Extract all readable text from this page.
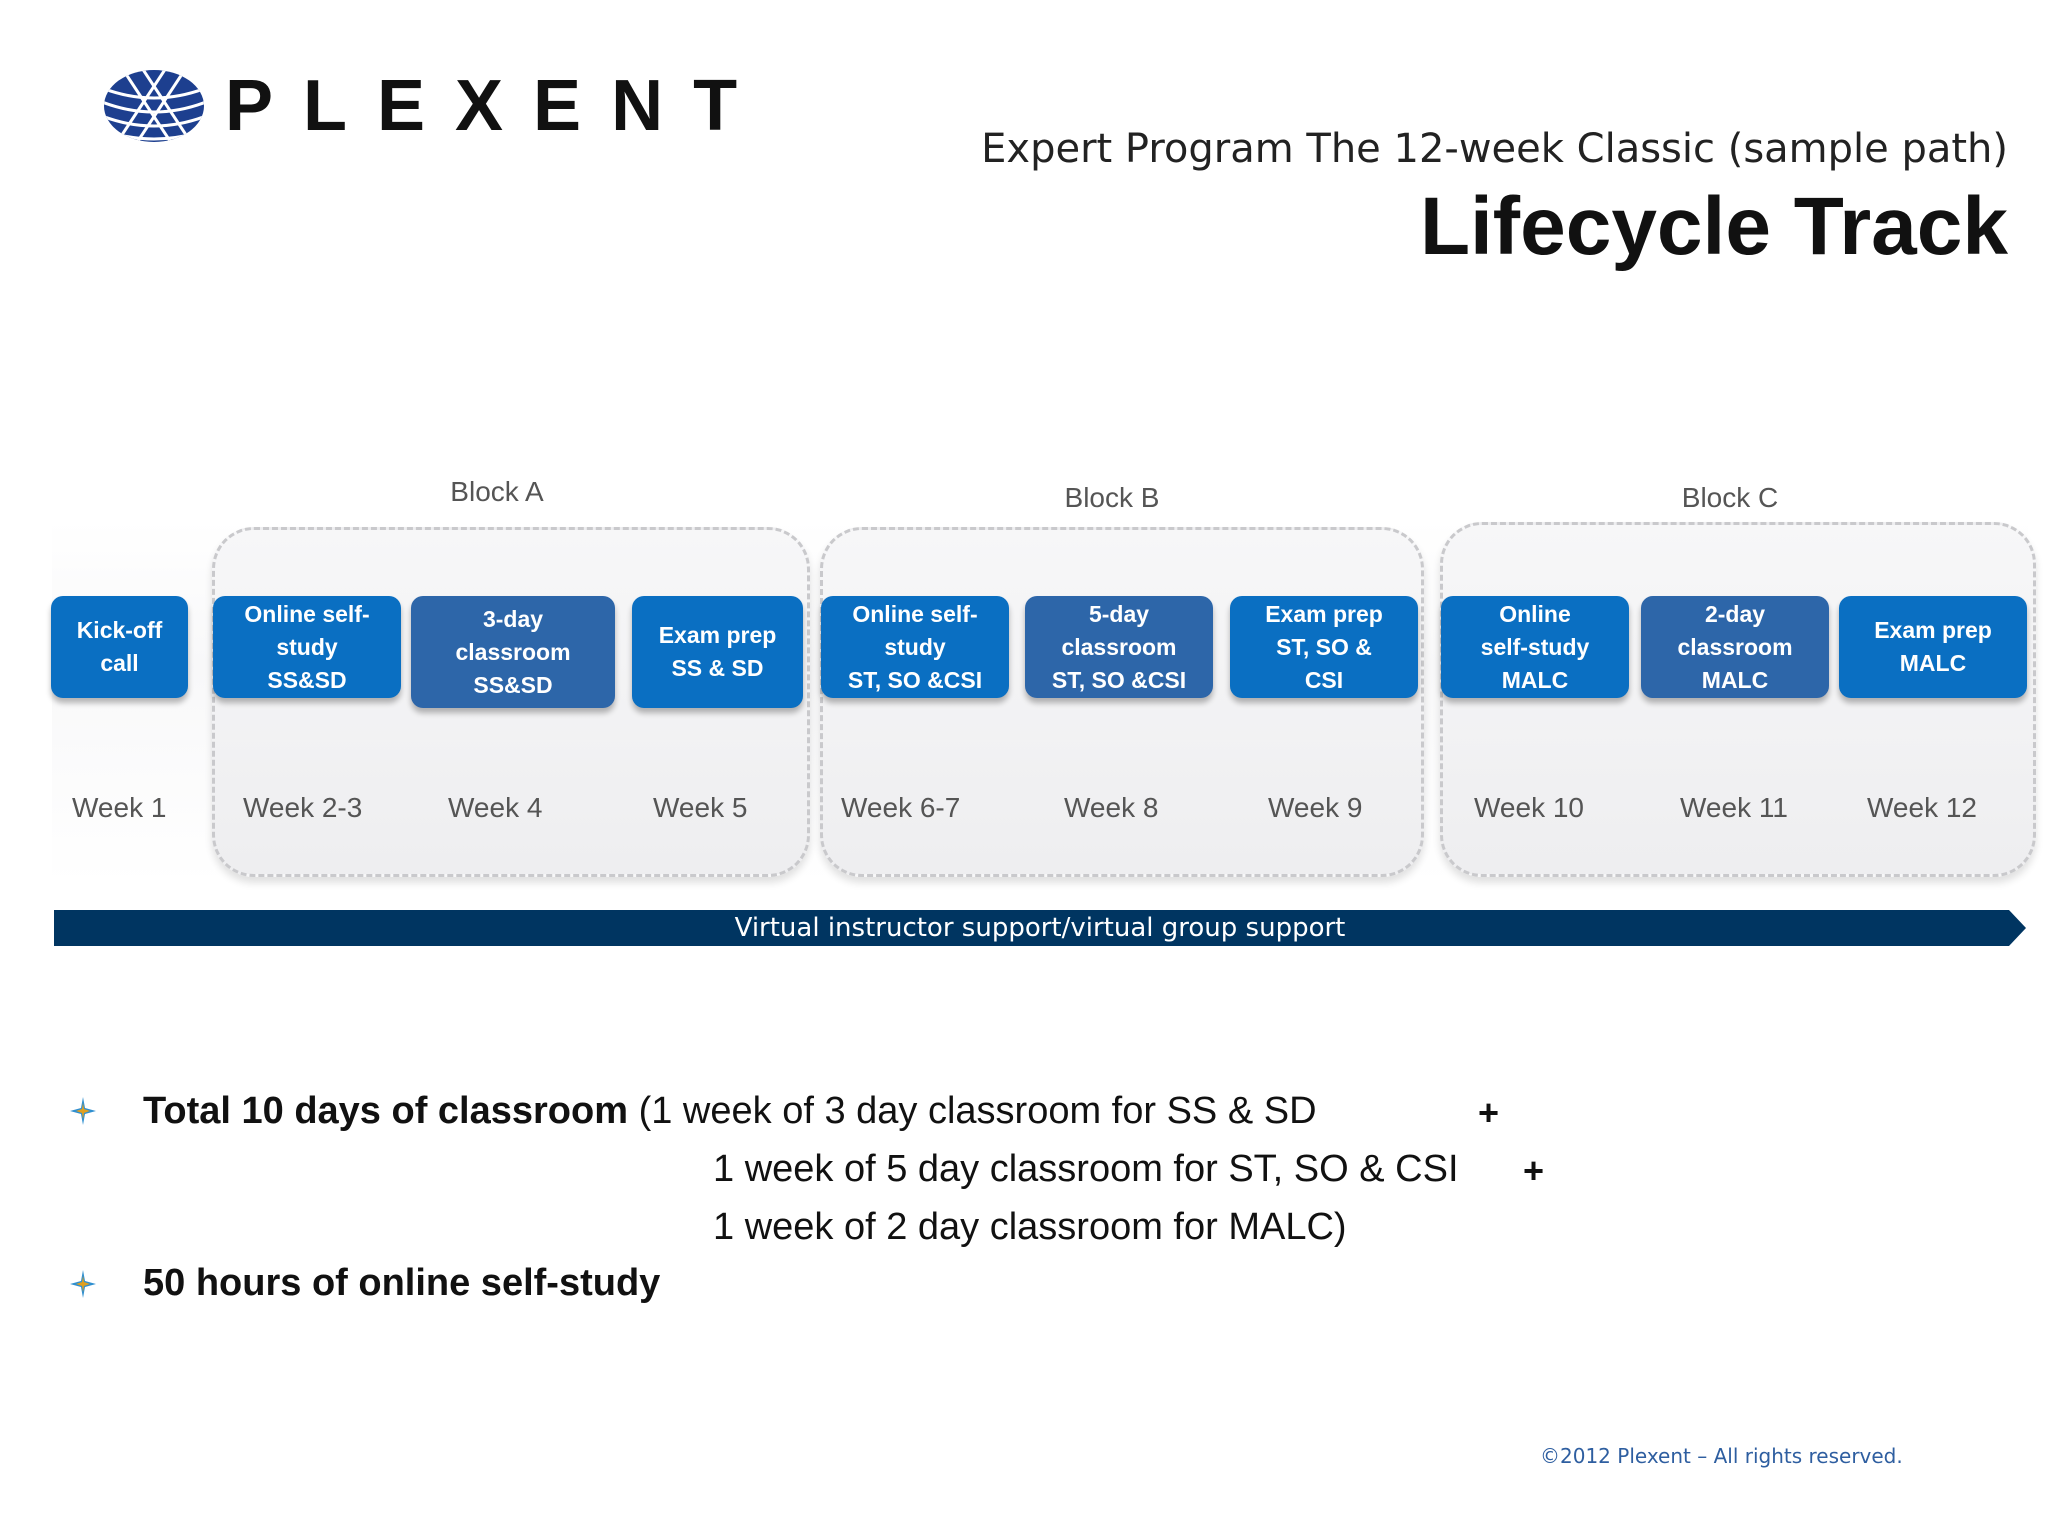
PLEXENT
Expert Program The 12-week Classic (sample path)
Lifecycle Track
Block A	Block B	Block C
Kick-off
call
Online self-
study
SS&SD
3-day
classroom
SS&SD
Exam prep
SS & SD
Online self-
study
ST, SO &CSI
5-day
classroom
ST, SO &CSI
Exam prep
ST, SO &
CSI
Online
self-study
MALC
2-day
classroom
MALC
Exam prep
MALC
Week 1	Week 2-3	Week 4	Week 5	Week 6-7	Week 8	Week 9	Week 10	Week 11	Week 12
Virtual instructor support/virtual group support
Total 10 days of classroom (1 week of 3 day classroom for SS & SD	+
1 week of 5 day classroom for ST, SO & CSI +
1 week of 2 day classroom for MALC)
50 hours of online self-study
©2012 Plexent – All rights reserved.
